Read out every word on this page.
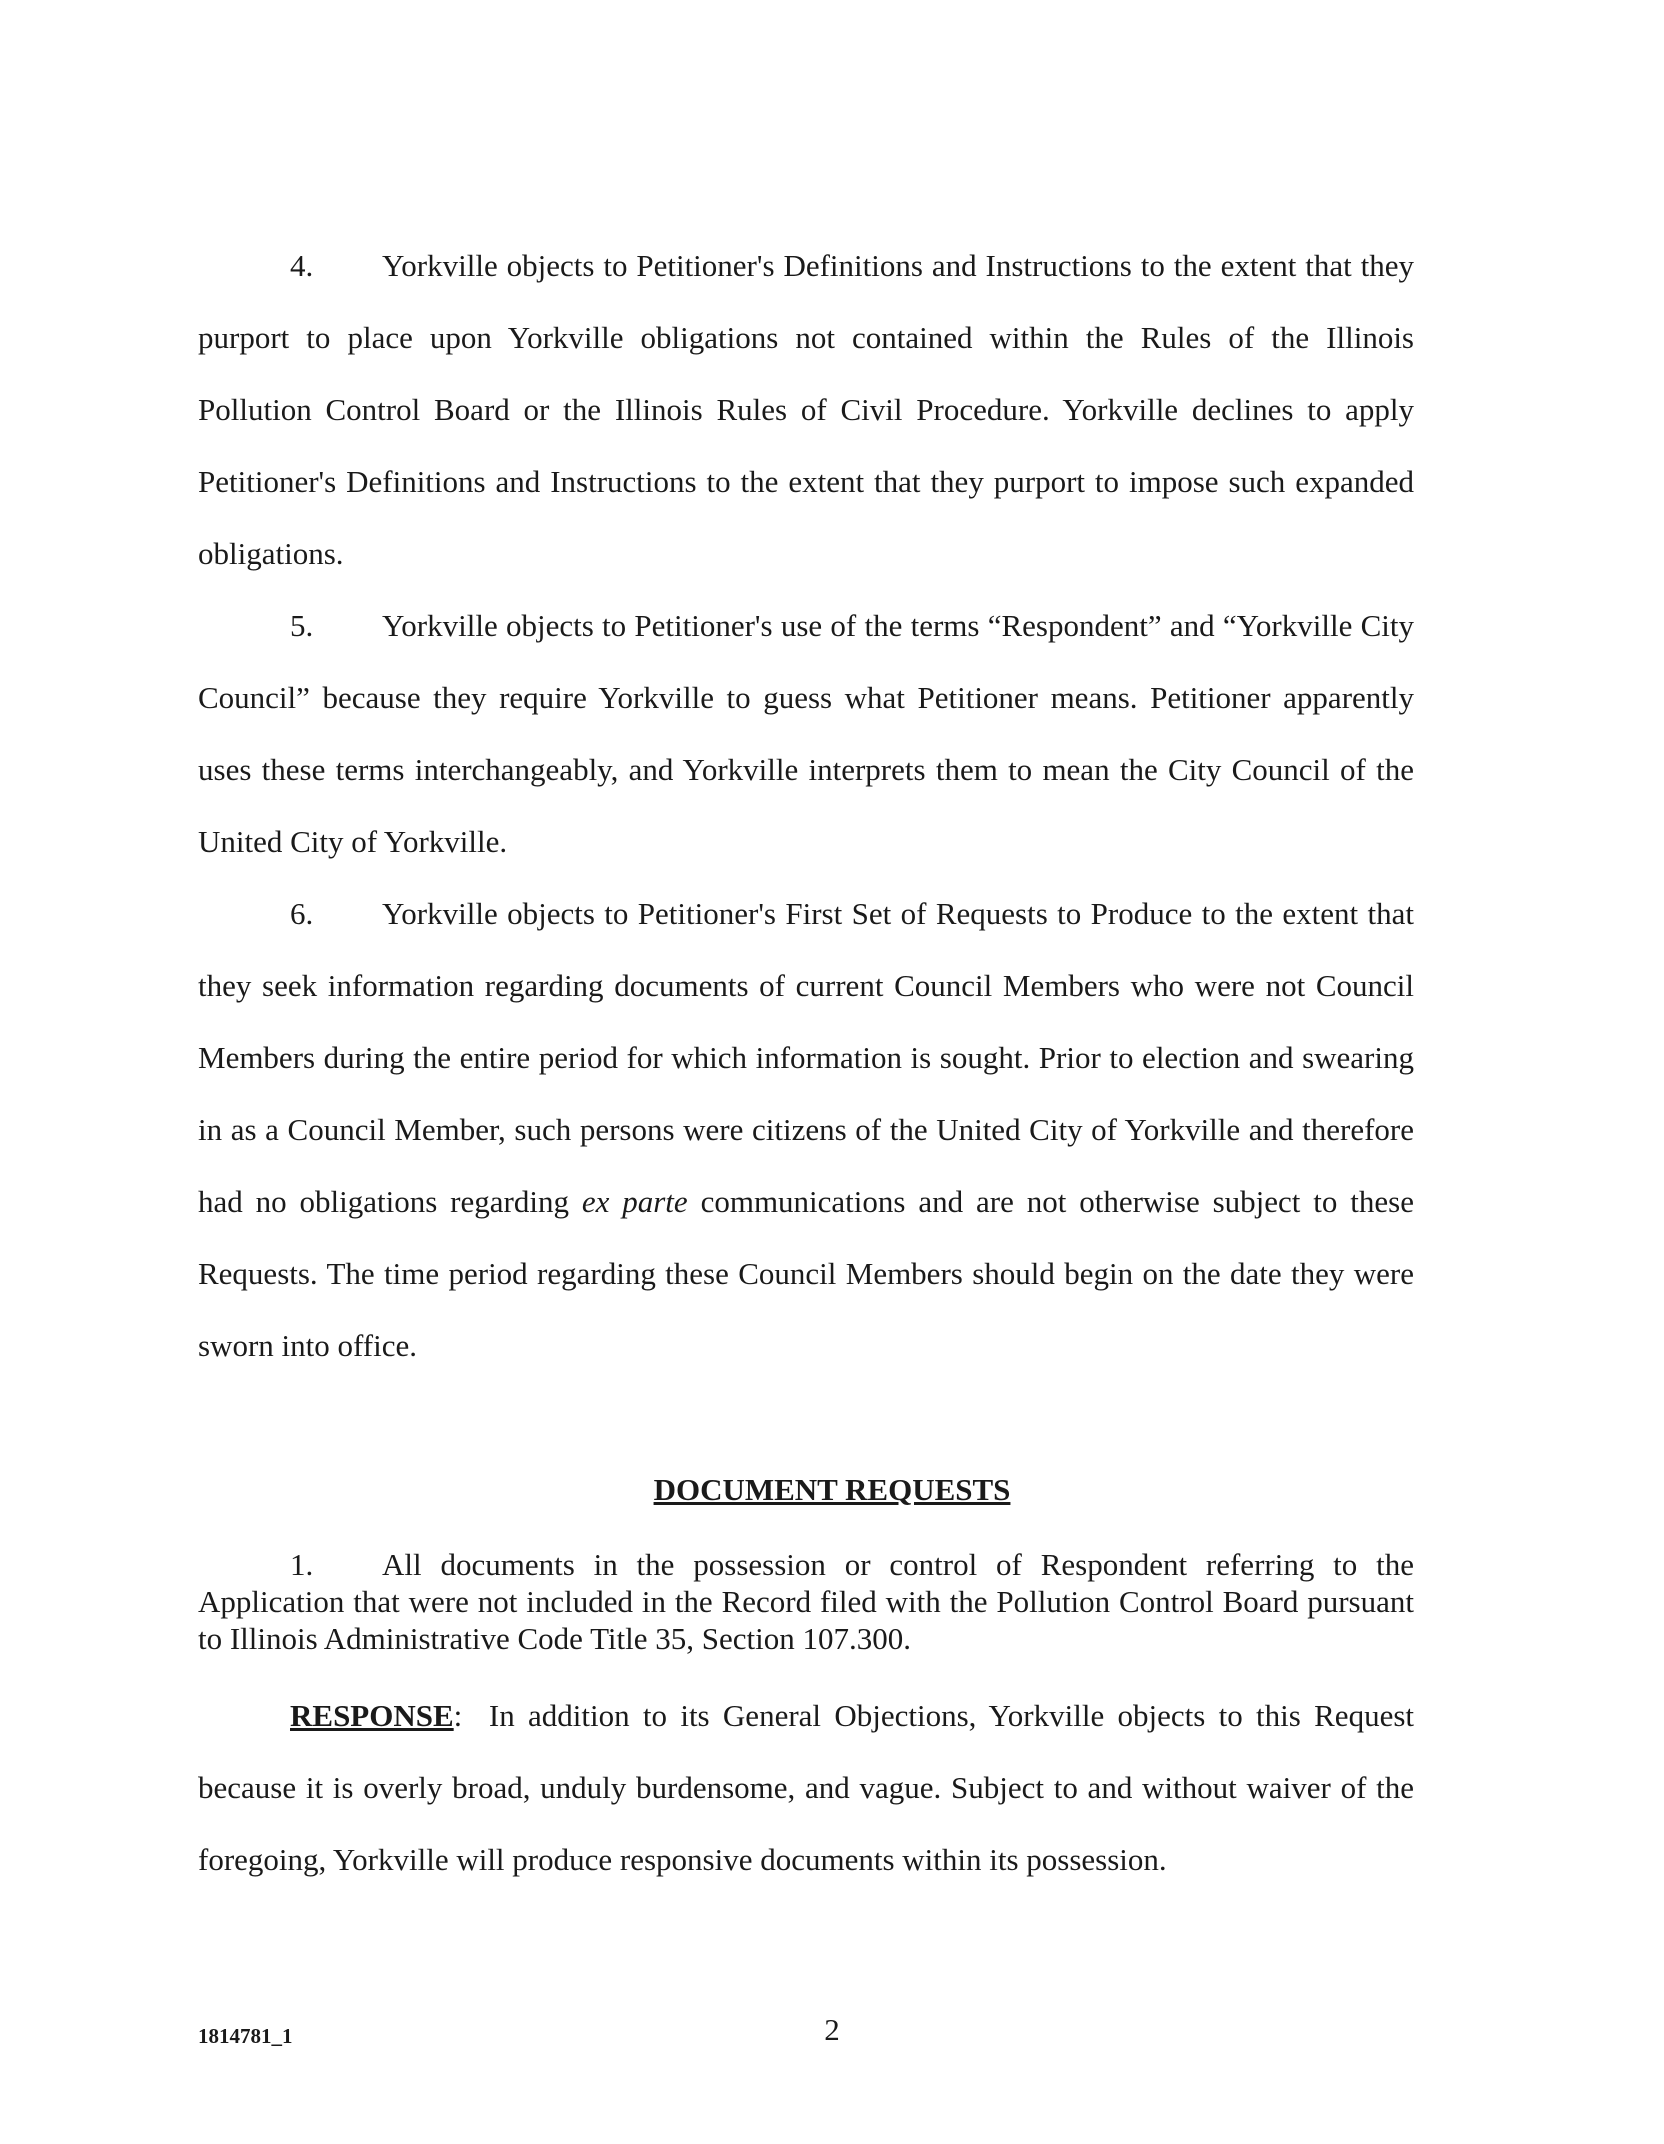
4. Yorkville objects to Petitioner's Definitions and Instructions to the extent that they purport to place upon Yorkville obligations not contained within the Rules of the Illinois Pollution Control Board or the Illinois Rules of Civil Procedure. Yorkville declines to apply Petitioner's Definitions and Instructions to the extent that they purport to impose such expanded obligations.

5. Yorkville objects to Petitioner's use of the terms “Respondent” and “Yorkville City Council” because they require Yorkville to guess what Petitioner means. Petitioner apparently uses these terms interchangeably, and Yorkville interprets them to mean the City Council of the United City of Yorkville.

6. Yorkville objects to Petitioner's First Set of Requests to Produce to the extent that they seek information regarding documents of current Council Members who were not Council Members during the entire period for which information is sought. Prior to election and swearing in as a Council Member, such persons were citizens of the United City of Yorkville and therefore had no obligations regarding ex parte communications and are not otherwise subject to these Requests. The time period regarding these Council Members should begin on the date they were sworn into office.

DOCUMENT REQUESTS

1. All documents in the possession or control of Respondent referring to the Application that were not included in the Record filed with the Pollution Control Board pursuant to Illinois Administrative Code Title 35, Section 107.300.

RESPONSE: In addition to its General Objections, Yorkville objects to this Request because it is overly broad, unduly burdensome, and vague. Subject to and without waiver of the foregoing, Yorkville will produce responsive documents within its possession.

1814781_1	2
